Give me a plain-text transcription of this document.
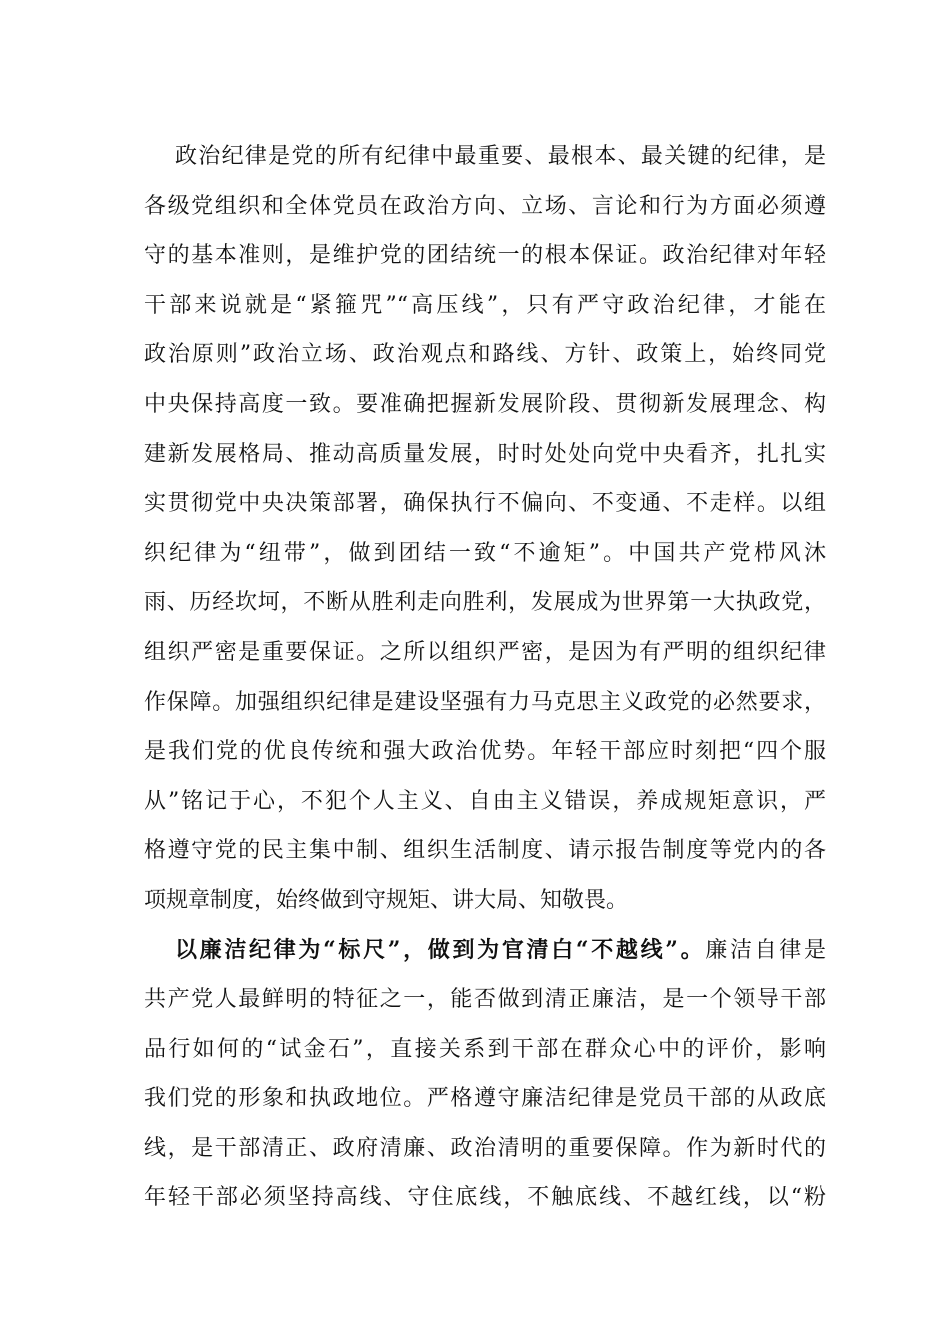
政治纪律是党的所有纪律中最重要、最根本、最关键的纪律，是
各级党组织和全体党员在政治方向、立场、言论和行为方面必须遵
守的基本准则，是维护党的团结统一的根本保证。政治纪律对年轻
干部来说就是“紧箍咒”“高压线”，只有严守政治纪律，才能在
政治原则”政治立场、政治观点和路线、方针、政策上，始终同党
中央保持高度一致。要准确把握新发展阶段、贯彻新发展理念、构
建新发展格局、推动高质量发展，时时处处向党中央看齐，扎扎实
实贯彻党中央决策部署，确保执行不偏向、不变通、不走样。以组
织纪律为“纽带”，做到团结一致“不逾矩”。中国共产党栉风沐
雨、历经坎坷，不断从胜利走向胜利，发展成为世界第一大执政党，
组织严密是重要保证。之所以组织严密，是因为有严明的组织纪律
作保障。加强组织纪律是建设坚强有力马克思主义政党的必然要求，
是我们党的优良传统和强大政治优势。年轻干部应时刻把“四个服
从”铭记于心，不犯个人主义、自由主义错误，养成规矩意识，严
格遵守党的民主集中制、组织生活制度、请示报告制度等党内的各
项规章制度，始终做到守规矩、讲大局、知敬畏。
以廉洁纪律为“标尺”，做到为官清白“不越线”。廉洁自律是
共产党人最鲜明的特征之一，能否做到清正廉洁，是一个领导干部
品行如何的“试金石”，直接关系到干部在群众心中的评价，影响
我们党的形象和执政地位。严格遵守廉洁纪律是党员干部的从政底
线，是干部清正、政府清廉、政治清明的重要保障。作为新时代的
年轻干部必须坚持高线、守住底线，不触底线、不越红线，以“粉
